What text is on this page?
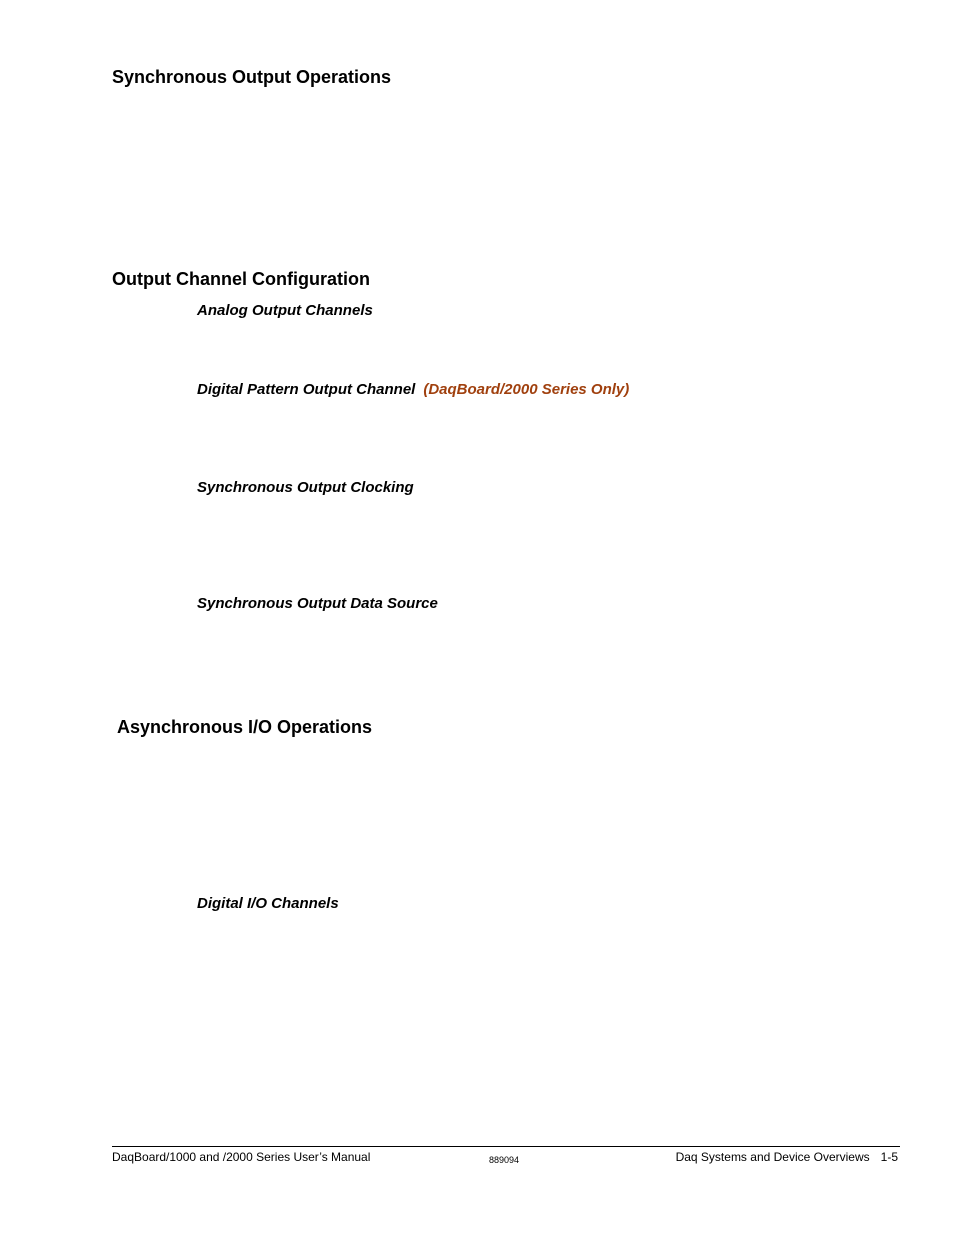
Synchronous Output Operations
Output Channel Configuration
Analog Output Channels
Digital Pattern Output Channel (DaqBoard/2000 Series Only)
Synchronous Output Clocking
Synchronous Output Data Source
Asynchronous I/O Operations
Digital I/O Channels
DaqBoard/1000 and /2000 Series User’s Manual	889094	Daq Systems and Device Overviews 1-5
